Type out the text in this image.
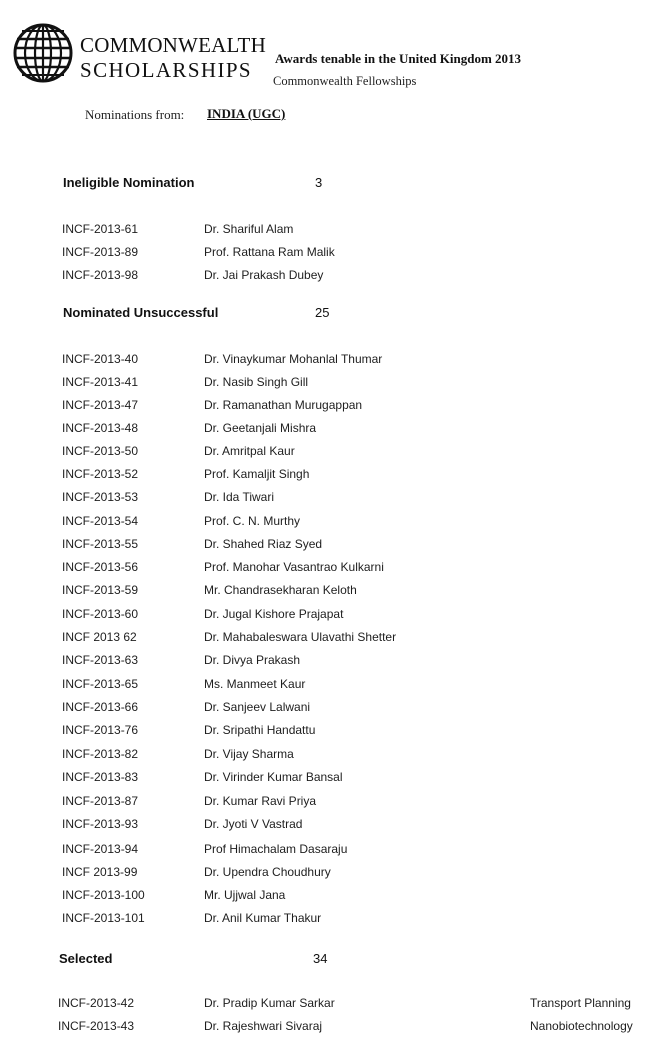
COMMONWEALTH
SCHOLARSHIPS Awards tenable in the United Kingdom 2013
Commonwealth Fellowships
Nominations from: INDIA (UGC)
Ineligible Nomination	3
INCF-2013-61	Dr. Shariful Alam
INCF-2013-89	Prof. Rattana Ram Malik
INCF-2013-98	Dr. Jai Prakash Dubey
Nominated Unsuccessful	25
INCF-2013-40	Dr. Vinaykumar Mohanlal Thumar
INCF-2013-41	Dr. Nasib Singh Gill
INCF-2013-47	Dr. Ramanathan Murugappan
INCF-2013-48	Dr. Geetanjali Mishra
INCF-2013-50	Dr. Amritpal Kaur
INCF-2013-52	Prof. Kamaljit Singh
INCF-2013-53	Dr. Ida Tiwari
INCF-2013-54	Prof. C. N. Murthy
INCF-2013-55	Dr. Shahed Riaz Syed
INCF-2013-56	Prof. Manohar Vasantrao Kulkarni
INCF-2013-59	Mr. Chandrasekharan Keloth
INCF-2013-60	Dr. Jugal Kishore Prajapat
INCF 2013 62	Dr. Mahabaleswara Ulavathi Shetter
INCF-2013-63	Dr. Divya Prakash
INCF-2013-65	Ms. Manmeet Kaur
INCF-2013-66	Dr. Sanjeev Lalwani
INCF-2013-76	Dr. Sripathi Handattu
INCF-2013-82	Dr. Vijay Sharma
INCF-2013-83	Dr. Virinder Kumar Bansal
INCF-2013-87	Dr. Kumar Ravi Priya
INCF-2013-93	Dr. Jyoti V Vastrad
INCF-2013-94	Prof Himachalam Dasaraju
INCF 2013-99	Dr. Upendra Choudhury
INCF-2013-100	Mr. Ujjwal Jana
INCF-2013-101	Dr. Anil Kumar Thakur
Selected	34
INCF-2013-42	Dr. Pradip Kumar Sarkar	Transport Planning
INCF-2013-43	Dr. Rajeshwari Sivaraj	Nanobiotechnology
